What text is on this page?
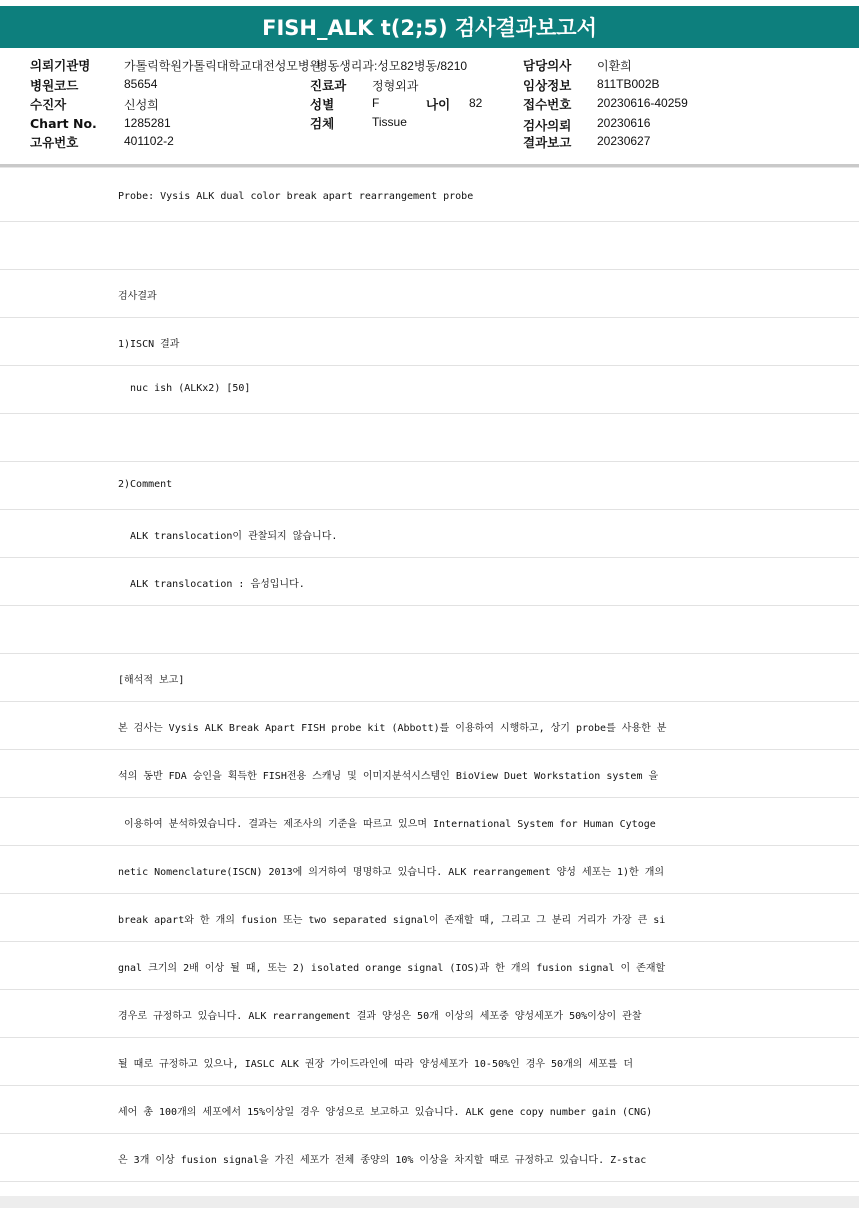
FISH_ALK t(2;5) 검사결과보고서
의뢰기관명	가톨릭학원가톨릭대학교대전성모병원
병동생리과:성모82병동/8210
병원코드	85654
수진자	신성희
Chart No. 1285281
고유번호	401102-2
진료과 정형외과
성별	F	나이 82
검체	Tissue
담당의사 이환희
임상정보 811TB002B
접수번호 20230616-40259
검사의뢰 20230616
결과보고 20230627
Probe: Vysis ALK dual color break apart rearrangement probe
검사결과
1)ISCN 결과
nuc ish (ALKx2) [50]
2)Comment
ALK translocation이 관찰되지 않습니다.
ALK translocation : 음성입니다.
[해석적 보고]
본 검사는 Vysis ALK Break Apart FISH probe kit (Abbott)를 이용하여 시행하고, 상기 probe를 사용한 분
석의 동반 FDA 승인을 획득한 FISH전용 스캐닝 및 이미지분석시스템인 BioView Duet Workstation system 을
이용하여 분석하였습니다. 결과는 제조사의 기준을 따르고 있으며 International System for Human Cytoge
netic Nomenclature(ISCN) 2013에 의거하여 명명하고 있습니다. ALK rearrangement 양성 세포는 1)한 개의
break apart와 한 개의 fusion 또는 two separated signal이 존재할 때, 그리고 그 분리 거리가 가장 큰 si
gnal 크기의 2배 이상 될 때, 또는 2) isolated orange signal (IOS)과 한 개의 fusion signal 이 존재할
경우로 규정하고 있습니다. ALK rearrangement 결과 양성은 50개 이상의 세포중 양성세포가 50%이상이 관찰
될 때로 규정하고 있으나, IASLC ALK 권장 가이드라인에 따라 양성세포가 10-50%인 경우 50개의 세포를 더
세어 총 100개의 세포에서 15%이상일 경우 양성으로 보고하고 있습니다. ALK gene copy number gain (CNG)
은 3개 이상 fusion signal을 가진 세포가 전체 종양의 10% 이상을 차지할 때로 규정하고 있습니다. Z-stac
